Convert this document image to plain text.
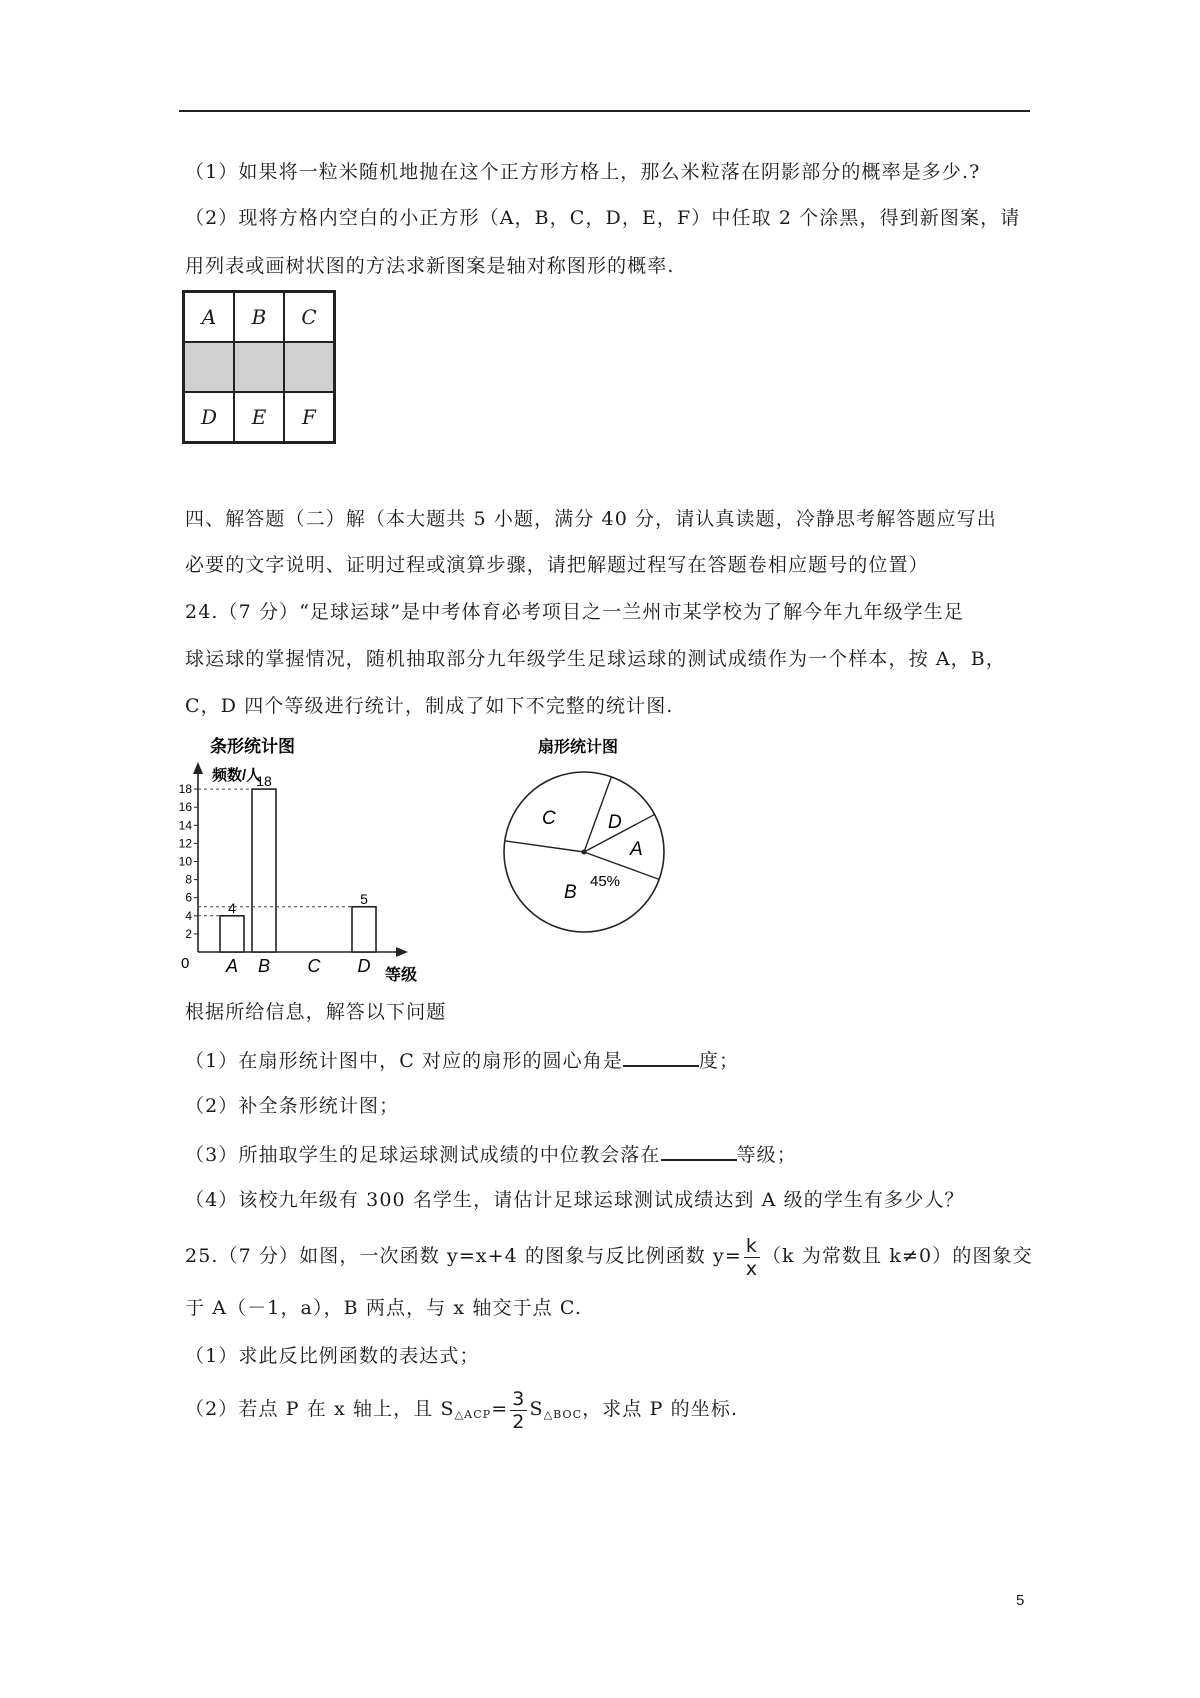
（1）如果将一粒米随机地抛在这个正方形方格上，那么米粒落在阴影部分的概率是多少.?
（2）现将方格内空白的小正方形（A，B，C，D，E，F）中任取 2 个涂黑，得到新图案，请
用列表或画树状图的方法求新图案是轴对称图形的概率.
A	B	C
D	E	F
四、解答题（二）解（本大题共 5 小题，满分 40 分，请认真读题，冷静思考解答题应写出
必要的文字说明、证明过程或演算步骤，请把解题过程写在答题卷相应题号的位置）
24.（7 分）“足球运球”是中考体育必考项目之一兰州市某学校为了解今年九年级学生足
球运球的掌握情况，随机抽取部分九年级学生足球运球的测试成绩作为一个样本，按 A，B，
C，D 四个等级进行统计，制成了如下不完整的统计图.
条形统计图
频数/人
等级
0
2
4
6
8
10
12
14
16
18
A
4
B
18
C D
5
扇形统计图
A
B
C	D
45%
根据所给信息，解答以下问题
（1）在扇形统计图中，C 对应的扇形的圆心角是	度；
（2）补全条形统计图；
（3）所抽取学生的足球运球测试成绩的中位教会落在	等级；
（4）该校九年级有 300 名学生，请估计足球运球测试成绩达到 A 级的学生有多少人？
25.（7 分）如图，一次函数 y=x+4 的图象与反比例函数 $y= \frac{k}{x} (k$ 为常数且 k≠0）的图象交
于 A（－1，a），B 两点，与 x 轴交于点 C.
（1）求此反比例函数的表达式；
（2）若点 P 在 x 轴上，且 $S_{\triangle ACP}= \frac{3}{2} S_{\triangle BOC}$，求点 P 的坐标.
5
